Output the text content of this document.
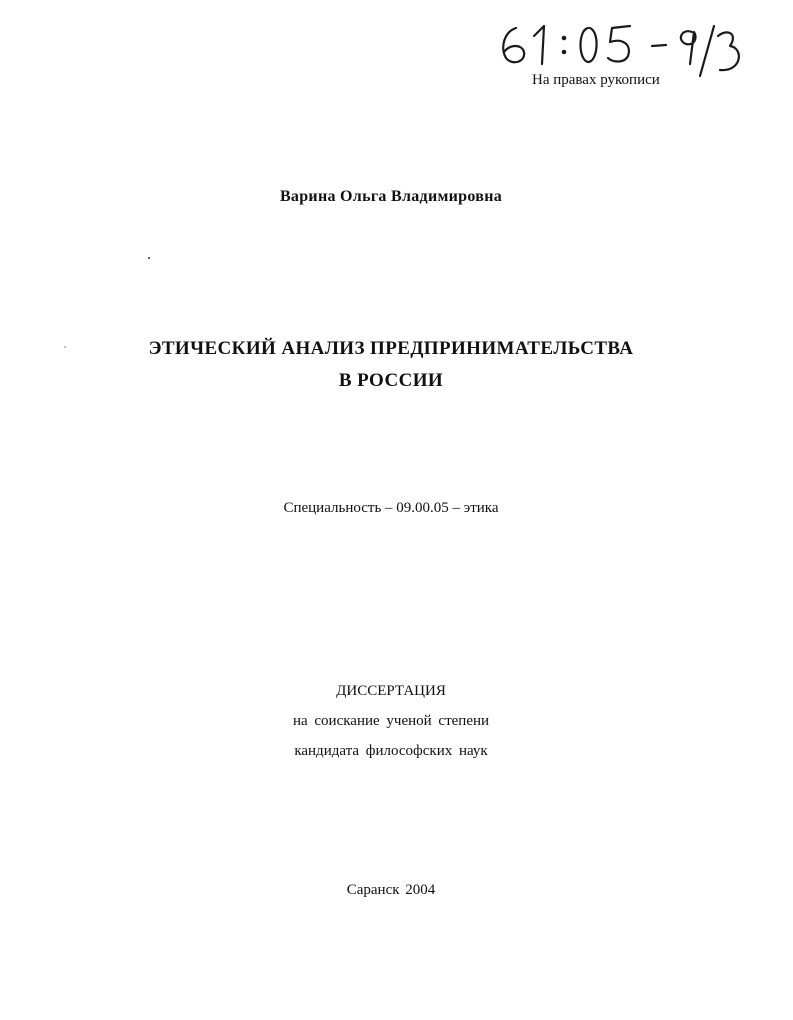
На правах рукописи
Варина Ольга Владимировна
ЭТИЧЕСКИЙ АНАЛИЗ ПРЕДПРИНИМАТЕЛЬСТВА
В РОССИИ
Специальность – 09.00.05 – этика
ДИССЕРТАЦИЯ
на соискание ученой степени
кандидата философских наук
Саранск 2004
